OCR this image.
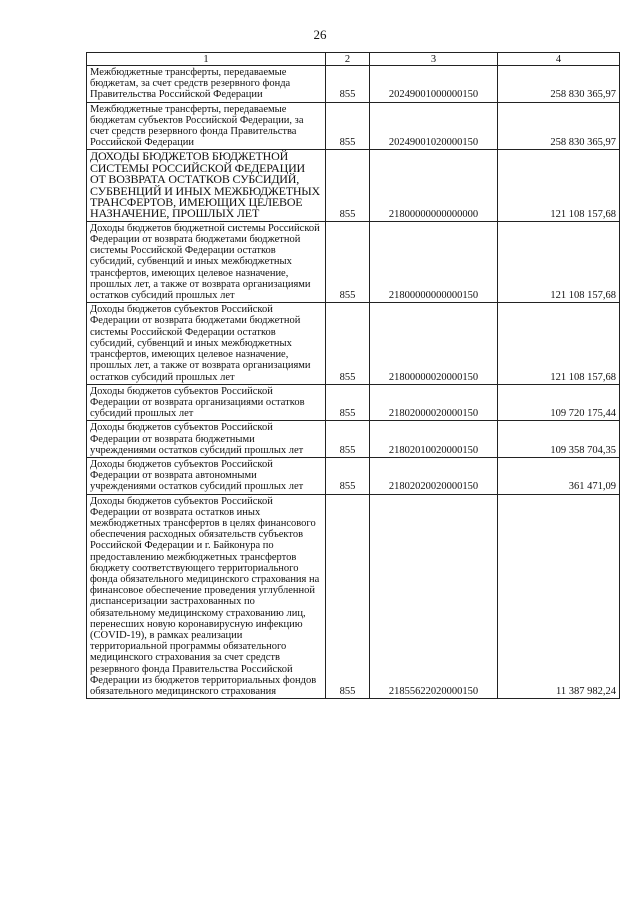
26
1	2	3	4
Межбюджетные трансферты, передаваемые бюджетам, за счет средств резервного фонда Правительства Российской Федерации	855	20249001000000150	258 830 365,97
Межбюджетные трансферты, передаваемые бюджетам субъектов Российской Федерации, за счет средств резервного фонда Правительства Российской Федерации	855	20249001020000150	258 830 365,97
ДОХОДЫ БЮДЖЕТОВ БЮДЖЕТНОЙ СИСТЕМЫ РОССИЙСКОЙ ФЕДЕРАЦИИ ОТ ВОЗВРАТА ОСТАТКОВ СУБСИДИЙ, СУБВЕНЦИЙ И ИНЫХ МЕЖБЮДЖЕТНЫХ ТРАНСФЕРТОВ, ИМЕЮЩИХ ЦЕЛЕВОЕ НАЗНАЧЕНИЕ, ПРОШЛЫХ ЛЕТ	855	21800000000000000	121 108 157,68
Доходы бюджетов бюджетной системы Российской Федерации от возврата бюджетами бюджетной системы Российской Федерации остатков субсидий, субвенций и иных межбюджетных трансфертов, имеющих целевое назначение, прошлых лет, а также от возврата организациями остатков субсидий прошлых лет	855	21800000000000150	121 108 157,68
Доходы бюджетов субъектов Российской Федерации от возврата бюджетами бюджетной системы Российской Федерации остатков субсидий, субвенций и иных межбюджетных трансфертов, имеющих целевое назначение, прошлых лет, а также от возврата организациями остатков субсидий прошлых лет	855	21800000020000150	121 108 157,68
Доходы бюджетов субъектов Российской Федерации от возврата организациями остатков субсидий прошлых лет	855	21802000020000150	109 720 175,44
Доходы бюджетов субъектов Российской Федерации от возврата бюджетными учреждениями остатков субсидий прошлых лет	855	21802010020000150	109 358 704,35
Доходы бюджетов субъектов Российской Федерации от возврата автономными учреждениями остатков субсидий прошлых лет	855	21802020020000150	361 471,09
Доходы бюджетов субъектов Российской Федерации от возврата остатков иных межбюджетных трансфертов в целях финансового обеспечения расходных обязательств субъектов Российской Федерации и г. Байконура по предоставлению межбюджетных трансфертов бюджету соответствующего территориального фонда обязательного медицинского страхования на финансовое обеспечение проведения углубленной диспансеризации застрахованных по обязательному медицинскому страхованию лиц, перенесших новую коронавирусную инфекцию (COVID-19), в рамках реализации территориальной программы обязательного медицинского страхования за счет средств резервного фонда Правительства Российской Федерации из бюджетов территориальных фондов обязательного медицинского страхования	855	21855622020000150	11 387 982,24
